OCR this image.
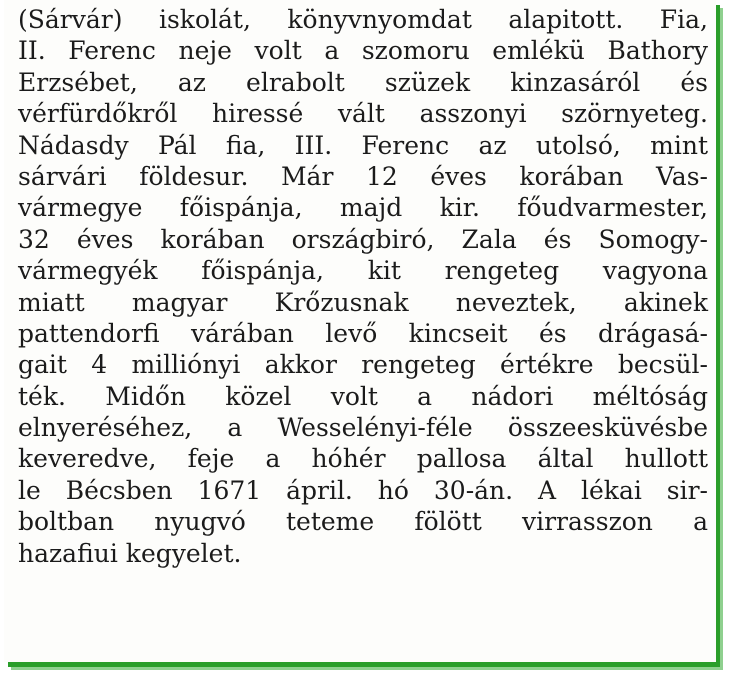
(Sárvár) iskolát, könyvnyomdat alapitott. Fia,
II. Ferenc neje volt a szomoru emlékü Bathory
Erzsébet, az elrabolt szüzek kinzasáról és
vérfürdőkről hiressé vált asszonyi szörnyeteg.
Nádasdy Pál fia, III. Ferenc az utolsó, mint
sárvári földesur. Már 12 éves korában Vas-
vármegye főispánja, majd kir. főudvarmester,
32 éves korában országbiró, Zala és Somogy-
vármegyék főispánja, kit rengeteg vagyona
miatt magyar Krőzusnak neveztek, akinek
pattendorfi várában levő kincseit és drágasá-
gait 4 milliónyi akkor rengeteg értékre becsül-
ték. Midőn közel volt a nádori méltóság
elnyeréséhez, a Wesselényi-féle összeesküvésbe
keveredve, feje a hóhér pallosa által hullott
le Bécsben 1671 ápril. hó 30-án. A lékai sir-
boltban nyugvó teteme fölött virrasszon a
hazafiui kegyelet.
